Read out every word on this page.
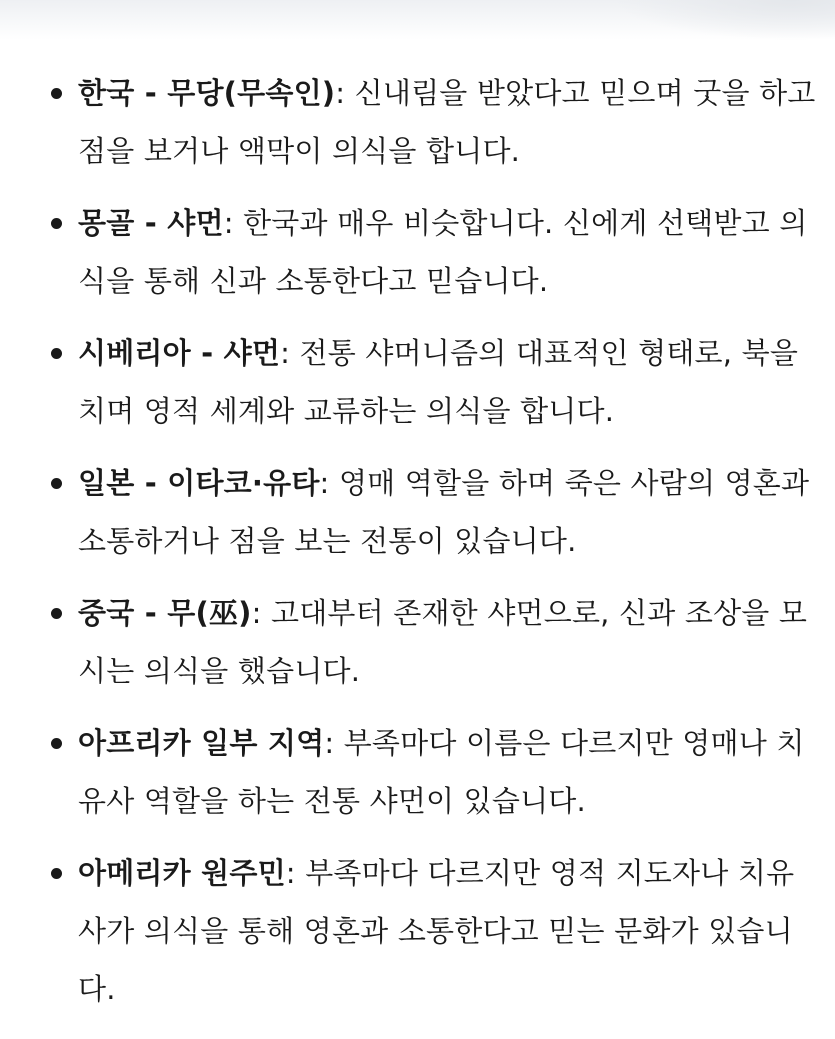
한국 - 무당(무속인): 신내림을 받았다고 믿으며 굿을 하고 점을 보거나 액막이 의식을 합니다.
몽골 - 샤먼: 한국과 매우 비슷합니다. 신에게 선택받고 의식을 통해 신과 소통한다고 믿습니다.
시베리아 - 샤먼: 전통 샤머니즘의 대표적인 형태로, 북을 치며 영적 세계와 교류하는 의식을 합니다.
일본 - 이타코·유타: 영매 역할을 하며 죽은 사람의 영혼과 소통하거나 점을 보는 전통이 있습니다.
중국 - 무(巫): 고대부터 존재한 샤먼으로, 신과 조상을 모시는 의식을 했습니다.
아프리카 일부 지역: 부족마다 이름은 다르지만 영매나 치유사 역할을 하는 전통 샤먼이 있습니다.
아메리카 원주민: 부족마다 다르지만 영적 지도자나 치유사가 의식을 통해 영혼과 소통한다고 믿는 문화가 있습니다.
